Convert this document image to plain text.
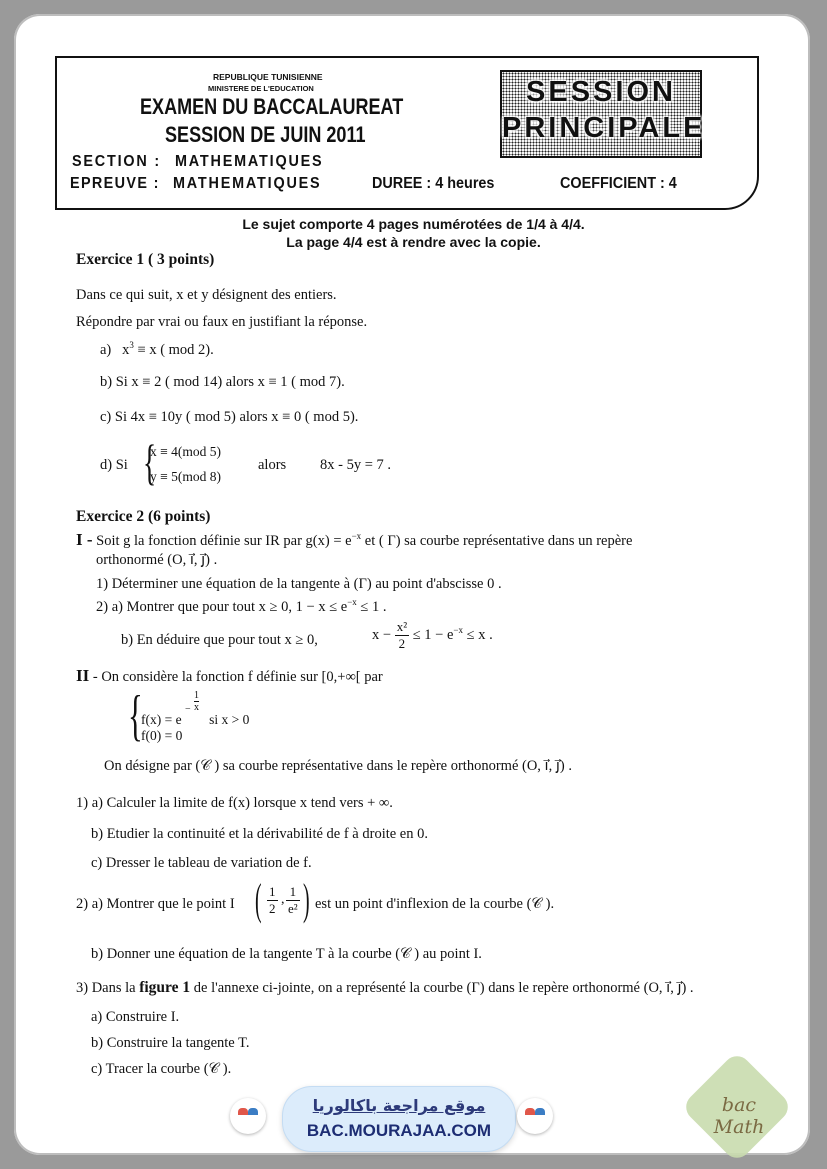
REPUBLIQUE TUNISIENNE
MINISTERE DE L'EDUCATION
EXAMEN DU BACCALAUREAT
SESSION DE JUIN 2011
SECTION : MATHEMATIQUES
EPREUVE : MATHEMATIQUES	DUREE : 4 heures	COEFFICIENT : 4
SESSION
PRINCIPALE
Le sujet comporte 4 pages numérotées de 1/4 à 4/4.
La page 4/4 est à rendre avec la copie.
Exercice 1 ( 3 points)
Dans ce qui suit, x et y désignent des entiers.
Répondre par vrai ou faux en justifiant la réponse.
a) $x^3 \equiv x$ ( mod 2).
b) Si x ≡ 2 ( mod 14) alors x ≡ 1 ( mod 7).
c) Si 4x ≡ 10y ( mod 5) alors x ≡ 0 ( mod 5).
d) Si {
x ≡ 4(mod 5)
y ≡ 5(mod 8)
alors 8x - 5y = 7 .
Exercice 2 (6 points)
I - Soit g la fonction définie sur IR par $g(x) = e^{-x}$ et ( Γ) sa courbe représentative dans un repère
orthonormé (O, i⃗, j⃗) .
1) Déterminer une équation de la tangente à (Γ) au point d'abscisse 0 .
2) a) Montrer que pour tout x ≥ 0, $1 - x \le e^{-x} \le 1$ .
b) En déduire que pour tout x ≥ 0,	$x - \frac{\text{x²}}{2} \le 1 - e^{-x} \le x$ .
II - On considère la fonction f définie sur [0,+∞[ par
{
f(x) = e $^- \frac{1}{x}$
si x > 0
f(0) = 0
On désigne par (𝒞 ) sa courbe représentative dans le repère orthonormé (O, i⃗, j⃗) .
1) a) Calculer la limite de f(x) lorsque x tend vers + ∞.
b) Etudier la continuité et la dérivabilité de f à droite en 0.
c) Dresser le tableau de variation de f.
2) a) Montrer que le point I ( $\frac{1}{2}$ , $\frac{1}{\text{e²}}$ ) est un point d'inflexion de la courbe (𝒞 ).
b) Donner une équation de la tangente T à la courbe (𝒞 ) au point I.
3) Dans la figure 1 de l'annexe ci-jointe, on a représenté la courbe (Γ) dans le repère orthonormé (O, i⃗, j⃗) .
a) Construire I.
b) Construire la tangente T.
c) Tracer la courbe (𝒞 ).
موقع مراجعة باكالوريا
BAC.MOURAJAA.COM
bac Math
